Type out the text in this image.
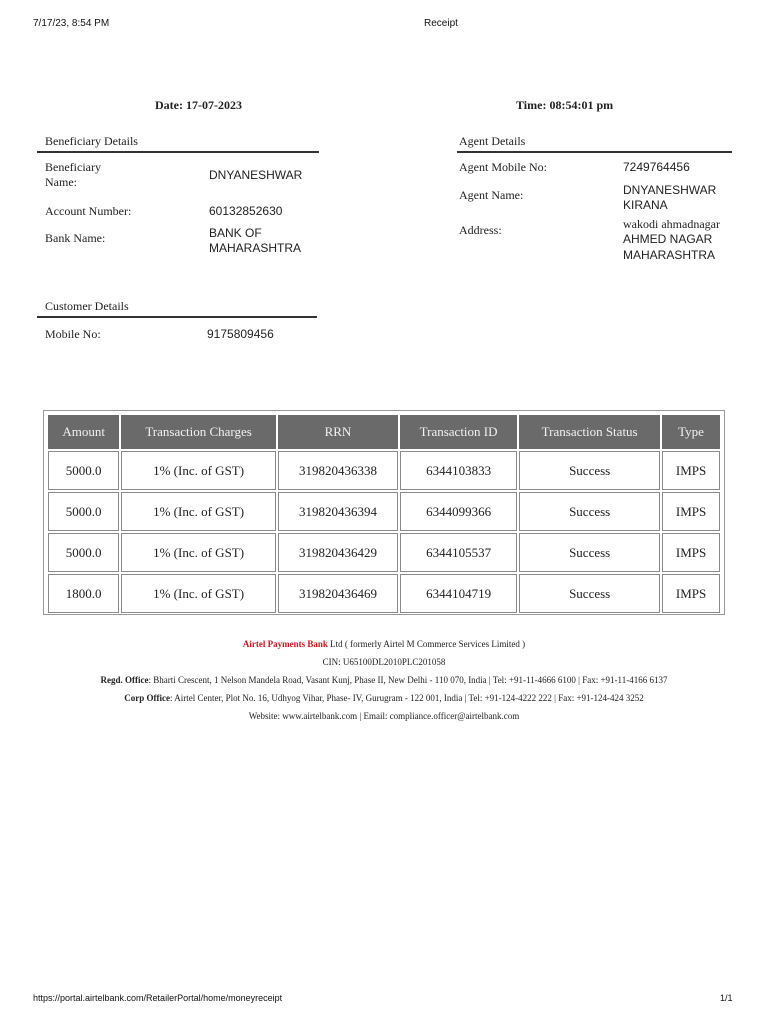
7/17/23, 8:54 PM	Receipt
Date: 17-07-2023	Time: 08:54:01 pm
Beneficiary Details
Beneficiary
Name:	DNYANESHWAR
Account Number:	60132852630
Bank Name:	BANK OF
MAHARASHTRA
Agent Details
Agent Mobile No:	7249764456
Agent Name:	DNYANESHWAR
KIRANA
Address:	wakodi ahmadnagar
AHMED NAGAR
MAHARASHTRA
Customer Details
Mobile No:	9175809456
Amount	Transaction Charges	RRN	Transaction ID	Transaction Status	Type
5000.0	1% (Inc. of GST)	319820436338	6344103833	Success	IMPS
5000.0	1% (Inc. of GST)	319820436394	6344099366	Success	IMPS
5000.0	1% (Inc. of GST)	319820436429	6344105537	Success	IMPS
1800.0	1% (Inc. of GST)	319820436469	6344104719	Success	IMPS
Airtel Payments Bank Ltd ( formerly Airtel M Commerce Services Limited )
CIN: U65100DL2010PLC201058
Regd. Office: Bharti Crescent, 1 Nelson Mandela Road, Vasant Kunj, Phase II, New Delhi - 110 070, India | Tel: +91-11-4666 6100 | Fax: +91-11-4166 6137
Corp Office: Airtel Center, Plot No. 16, Udhyog Vihar, Phase- IV, Gurugram - 122 001, India | Tel: +91-124-4222 222 | Fax: +91-124-424 3252
Website: www.airtelbank.com | Email: compliance.officer@airtelbank.com
https://portal.airtelbank.com/RetailerPortal/home/moneyreceipt	1/1
